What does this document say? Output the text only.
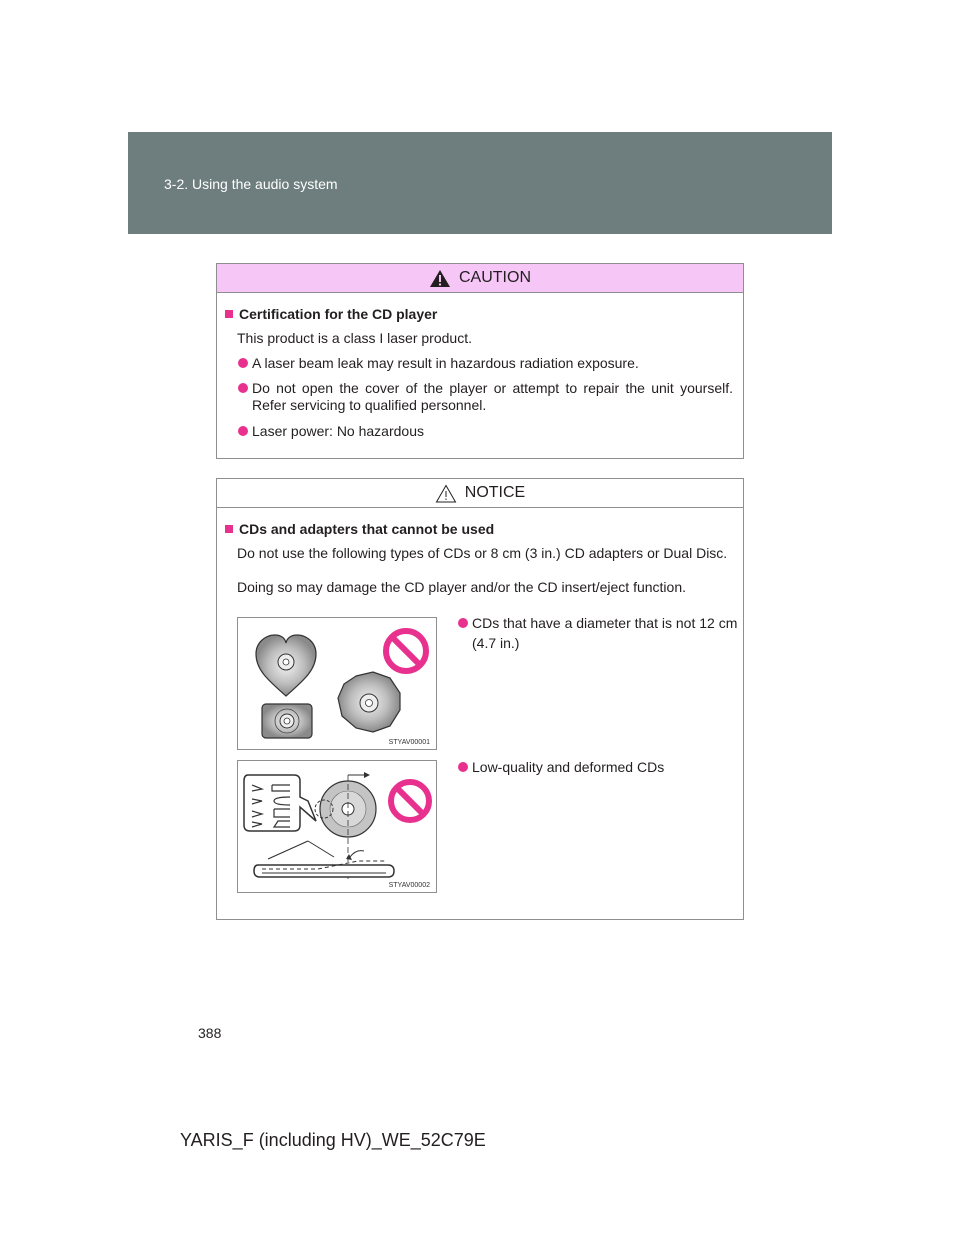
3-2. Using the audio system
CAUTION
Certification for the CD player
This product is a class I laser product.
A laser beam leak may result in hazardous radiation exposure.
Do not open the cover of the player or attempt to repair the unit yourself. Refer servicing to qualified personnel.
Laser power: No hazardous
NOTICE
CDs and adapters that cannot be used
Do not use the following types of CDs or 8 cm (3 in.) CD adapters or Dual Disc.
Doing so may damage the CD player and/or the CD insert/eject function.
STYAV00001
CDs that have a diameter that is not 12 cm (4.7 in.)
STYAV00002
Low-quality and deformed CDs
388
YARIS_F (including HV)_WE_52C79E
